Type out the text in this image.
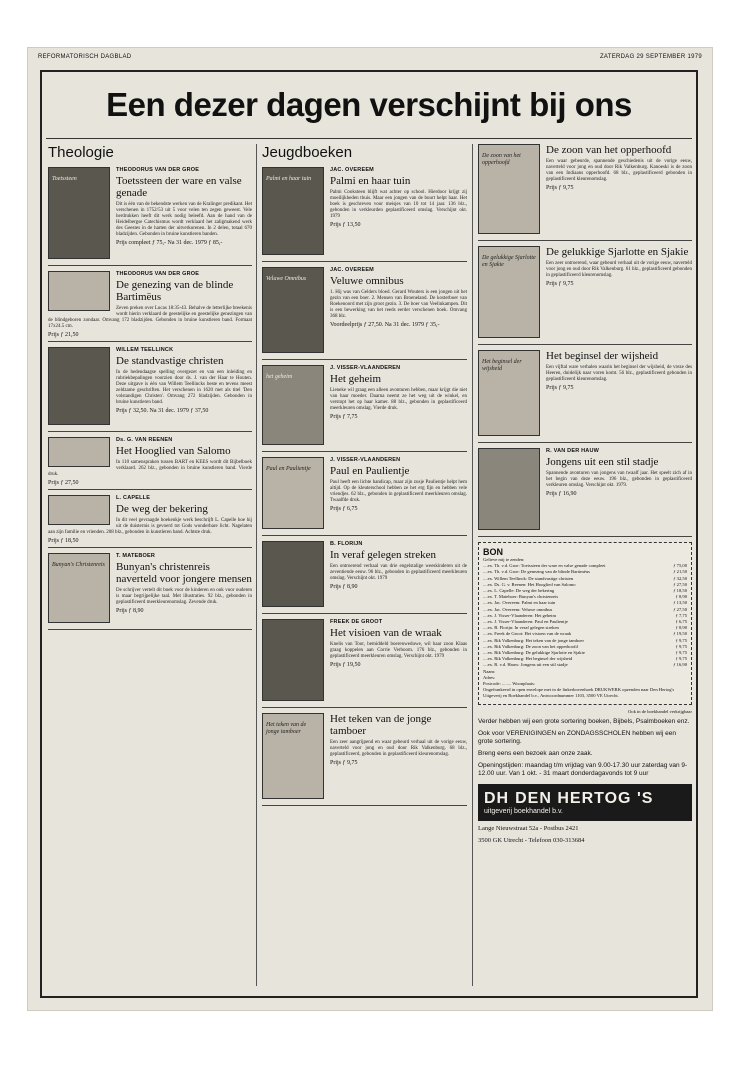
REFORMATORISCH DAGBLAD	ZATERDAG 29 SEPTEMBER 1979
Een dezer dagen verschijnt bij ons
Theologie
Toetssteen
THEODORUS VAN DER GROE
Toetssteen der ware en valse genade
Dit is één van de bekendste werken van de Kralinger predikant. Het verschenen in 1752/53 uit 5 voor velen ten zegen geweest. Vele herdrukken heeft dit werk nodig beleefd. Aan de hand van de Heidelbergse Catechismus wordt verklaard het zaligmakend werk des Geestes in de harten der uitverkorenen. In 2 delen, totaal 670 bladzijden. Gebonden in bruine kunstleren banden.
Prijs compleet ƒ 75,- Na 31 dec. 1979 ƒ 85,-
THEODORUS VAN DER GROE
De genezing van de blinde Bartimëus
Zeven preken over Lucas 18:35-43. Behalve de letterlijke breekenis wordt hierin verklaard de geestelijke en geestelijke genezingen van de blindgeboren zondaar. Omvang 172 bladzijden. Gebonden in bruine kunstleren band. Formaat 17x24.5 cm.
Prijs ƒ 21,50
WILLEM TEELLINCK
De standvastige christen
In de hedendaagse spelling overgezet en van een inleiding en rubriekbepalingen voorzien door ds. J. van der Haar te Houten. Deze uitgave is één van Willem Teellincks beste en tevens meest zeldzame geschriften. Het verschenen in 1620 met als titel 'Den volstandigen Christen'. Omvang 272 bladzijden. Gebonden in bruine kunstleren band.
Prijs ƒ 32,50. Na 31 dec. 1979 ƒ 37,50
Ds. G. VAN REENEN
Het Hooglied van Salomo
In 110 samenspraken tussen BART en KEES wordt dit Bijbelboek verklaard. 262 blz., gebonden in bruine kunstleren band. Vierde druk.
Prijs ƒ 27,50
L. CAPELLE
De weg der bekering
In dit veel gevraagde boekenkje werk beschrijft L. Capelle hoe hij uit de duisternis is gevoerd tot Gods wonderbare licht. Nagelaten aan zijn familie en vrienden. 208 blz., gebonden in kunstleren band. Achtste druk.
Prijs ƒ 18,50
Bunyan's Christenreis
T. MATEBOER
Bunyan's christenreis naverteld voor jongere mensen
De schrijver vertelt dit boek voor de kinderen en ook voor ouderen is maar begrijpelijke taal. Met illustraties. 92 blz., gebonden in geplastificeerd meerkleurenomslag. Zevende druk.
Prijs ƒ 8,90
Jeugdboeken
Palmi en haar tuin
JAC. OVEREEM
Palmi en haar tuin
Palmi Cooksteen blijft wat achter op school. Hierdoor krijgt zij moeilijkheden thuis. Maar een jongen van de buurt helpt haar. Het boek is geschreven voor meisjes van 10 tot 14 jaar. 136 blz., gebonden in verkleurden geplastificeerd omslag. Verschijnt okt. 1979
Prijs ƒ 13,50
Veluwe Omnibus
JAC. OVEREEM
Veluwe omnibus
1. Hij was van Gelders bloed. Gerard Wouters is een jongen uit het gezin van een boer. 2. Mensen van Broeneland. De kosterboer van Roekenoord met zijn groot gezin. 3. De boer van Veelinkampen. Dit is een bewerking van het reeds eerder verschenen boek. Omvang 368 blz.
Voordeelprijs ƒ 27,50. Na 31 dec. 1979 ƒ 35,-
het geheim
J. VISSER-VLAANDEREN
Het geheim
Lieneke wil graag een alleen avonturen hebben, maar krijgt die niet van haar moeder. Daarna neemt ze het weg uit de winkel, en verstopt het op haar kamer. 88 blz., gebonden in geplastificeerd meerkleuren omslag. Vierde druk.
Prijs ƒ 7,75
Paul en Paulientje
J. VISSER-VLAANDEREN
Paul en Paulientje
Paul heeft een lichte handicap, maar zijn zusje Paulientje helpt hem altijd. Op de kleuterschool hebben ze het erg fijn en hebben vele vriendjes. 62 blz., gebonden in geplastificeerd meerkleuren omslag. Twaalfde druk.
Prijs ƒ 6,75
B. FLORIJN
In veraf gelegen streken
Een ontroerend verhaal van drie engelstalige weeskinderen uit de zeventiende eeuw. 96 blz., gebonden in geplastificeerd meerkleuren omslag. Verschijnt okt. 1979
Prijs ƒ 8,90
FREEK DE GROOT
Het visioen van de wraak
Knelis van Toor, bemiddeld boerenweduwe, wil haar zoon Klaas graag koppelen aan Corrie Verboom. 176 blz., gebonden in geplastificeerd meerkleuren omslag. Verschijnt okt. 1979
Prijs ƒ 19,50
Het teken van de jonge tamboer
Het teken van de jonge tamboer
Een zeer aangrijpend en waar gebeurd verhaal uit de vorige eeuw, naverteld voor jong en oud door Rik Valkenburg. 68 blz., geplastificeerd, gebonden in geplastificeerd kleurenomslag.
Prijs ƒ 9,75
De zoon van het opperhoofd
De zoon van het opperhoofd
Een waar gebeurde, spannende geschiedenis uit de vorige eeuw, naverteld voor jong en oud door Rik Valkenburg. Kanoeski is de zoon van een Indiaans opperhoofd. 68 blz., geplastificeerd gebonden in geplastificeerd kleurenomslag.
Prijs ƒ 9,75
De gelukkige Sjarlotte en Sjakie
De gelukkige Sjarlotte en Sjakie
Een zeer ontroerend, waar gebeurd verhaal uit de vorige eeuw, naverteld voor jong en oud door Rik Valkenburg. 61 blz., geplastificeerd gebonden in geplastificeerd kleurenomslag.
Prijs ƒ 9,75
Het beginsel der wijsheid
Het beginsel der wijsheid
Een vijftal ware verhalen waarin het beginsel der wijsheid, de vreze des Heeren, duidelijk naar voren komt. 56 blz., geplastificeerd gebonden in geplastificeerd kleurenomslag.
Prijs ƒ 9,75
R. VAN DER HAUW
Jongens uit een stil stadje
Spannende avonturen van jongens van twaalf jaar. Het speelt zich af in het begin van deze eeuw. 196 blz., gebonden in geplastificeerd verkleuren omslag. Verschijnt okt. 1979.
Prijs ƒ 16,90
BON
Gelieve mij te zenden:
ƒ 75,00
....ex. Th. v.d. Groe: Toetssteen der ware en valse genade compleet
ƒ 21,50
....ex. Th. v.d. Groe: De genezing van de blinde Bartimëus
ƒ 32,50
....ex. Willem Teellinck: De standvastige christen
ƒ 27,50
....ex. Ds. G. v. Reenen: Het Hooglied van Salomo
ƒ 18,50
....ex. L. Capelle: De weg der bekering
ƒ 8,90
....ex. T. Mateboer: Bunyan's christenreis
ƒ 13,50
....ex. Jac. Overeem: Palmi en haar tuin
ƒ 27,50
....ex. Jac. Overeem: Veluwe omnibus
ƒ 7,75
....ex. J. Visser-Vlaanderen: Het geheim
ƒ 6,75
....ex. J. Visser-Vlaanderen: Paul en Paulientje
ƒ 8,90
....ex. B. Florijn: In veraf gelegen streken
ƒ 19,50
....ex. Freek de Groot: Het visioen van de wraak
ƒ 9,75
....ex. Rik Valkenburg: Het teken van de jonge tamboer
ƒ 9,75
....ex. Rik Valkenburg: De zoon van het opperhoofd
ƒ 9,75
....ex. Rik Valkenburg: De gelukkige Sjarlotte en Sjakie
ƒ 9,75
....ex. Rik Valkenburg: Het beginsel der wijsheid
ƒ 16,90
....ex. R. v.d. Hauw: Jongens uit een stil stadje
Naam:
Adres:
Postcode: ........ Woonplaats:
Ongefrankeerd in open envelope met in de linkerbovenhoek DRUKWERK opzenden naar Den Hertog's Uitgeverij en Boekhandel b.v., Antwoordnummer 1103, 3500 VE Utrecht.
Ook in de boekhandel verkrijgbaar
Verder hebben wij een grote sortering boeken, Bijbels, Psalmboeken enz.
Ook voor VERENIGINGEN en ZONDAGSSCHOLEN hebben wij een grote sortering.
Breng eens een bezoek aan onze zaak.
Openingstijden: maandag t/m vrijdag van 9.00-17.30 uur zaterdag van 9-12.00 uur. Van 1 okt. - 31 maart donderdagavonds tot 9 uur
DH DEN HERTOG 'S
uitgeverij boekhandel b.v.
Lange Nieuwstraat 52a - Postbus 2421
3500 GK Utrecht - Telefoon 030-313684
